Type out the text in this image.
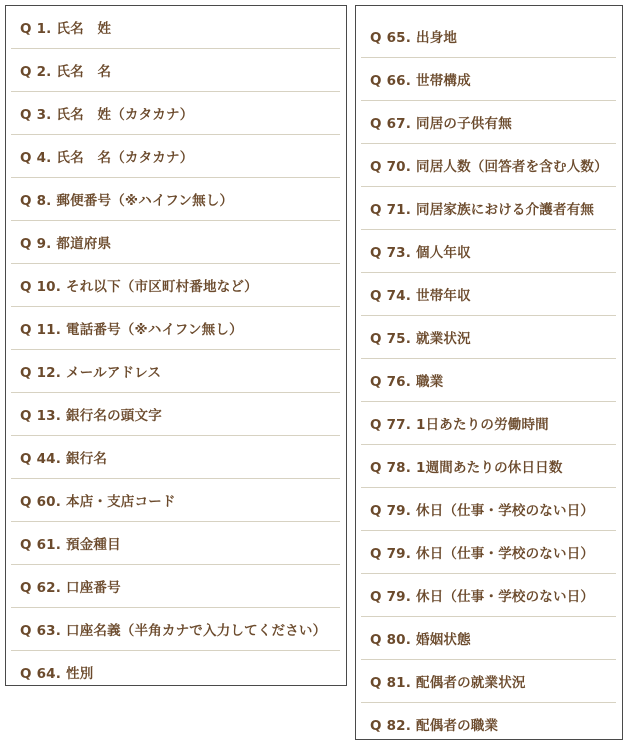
Q 1. 氏名　姓
Q 2. 氏名　名
Q 3. 氏名　姓（カタカナ）
Q 4. 氏名　名（カタカナ）
Q 8. 郵便番号（※ハイフン無し）
Q 9. 都道府県
Q 10. それ以下（市区町村番地など）
Q 11. 電話番号（※ハイフン無し）
Q 12. メールアドレス
Q 13. 銀行名の頭文字
Q 44. 銀行名
Q 60. 本店・支店コード
Q 61. 預金種目
Q 62. 口座番号
Q 63. 口座名義（半角カナで入力してください）
Q 64. 性別
Q 65. 出身地
Q 66. 世帯構成
Q 67. 同居の子供有無
Q 70. 同居人数（回答者を含む人数）
Q 71. 同居家族における介護者有無
Q 73. 個人年収
Q 74. 世帯年収
Q 75. 就業状況
Q 76. 職業
Q 77. 1日あたりの労働時間
Q 78. 1週間あたりの休日日数
Q 79. 休日（仕事・学校のない日）
Q 79. 休日（仕事・学校のない日）
Q 79. 休日（仕事・学校のない日）
Q 80. 婚姻状態
Q 81. 配偶者の就業状況
Q 82. 配偶者の職業
